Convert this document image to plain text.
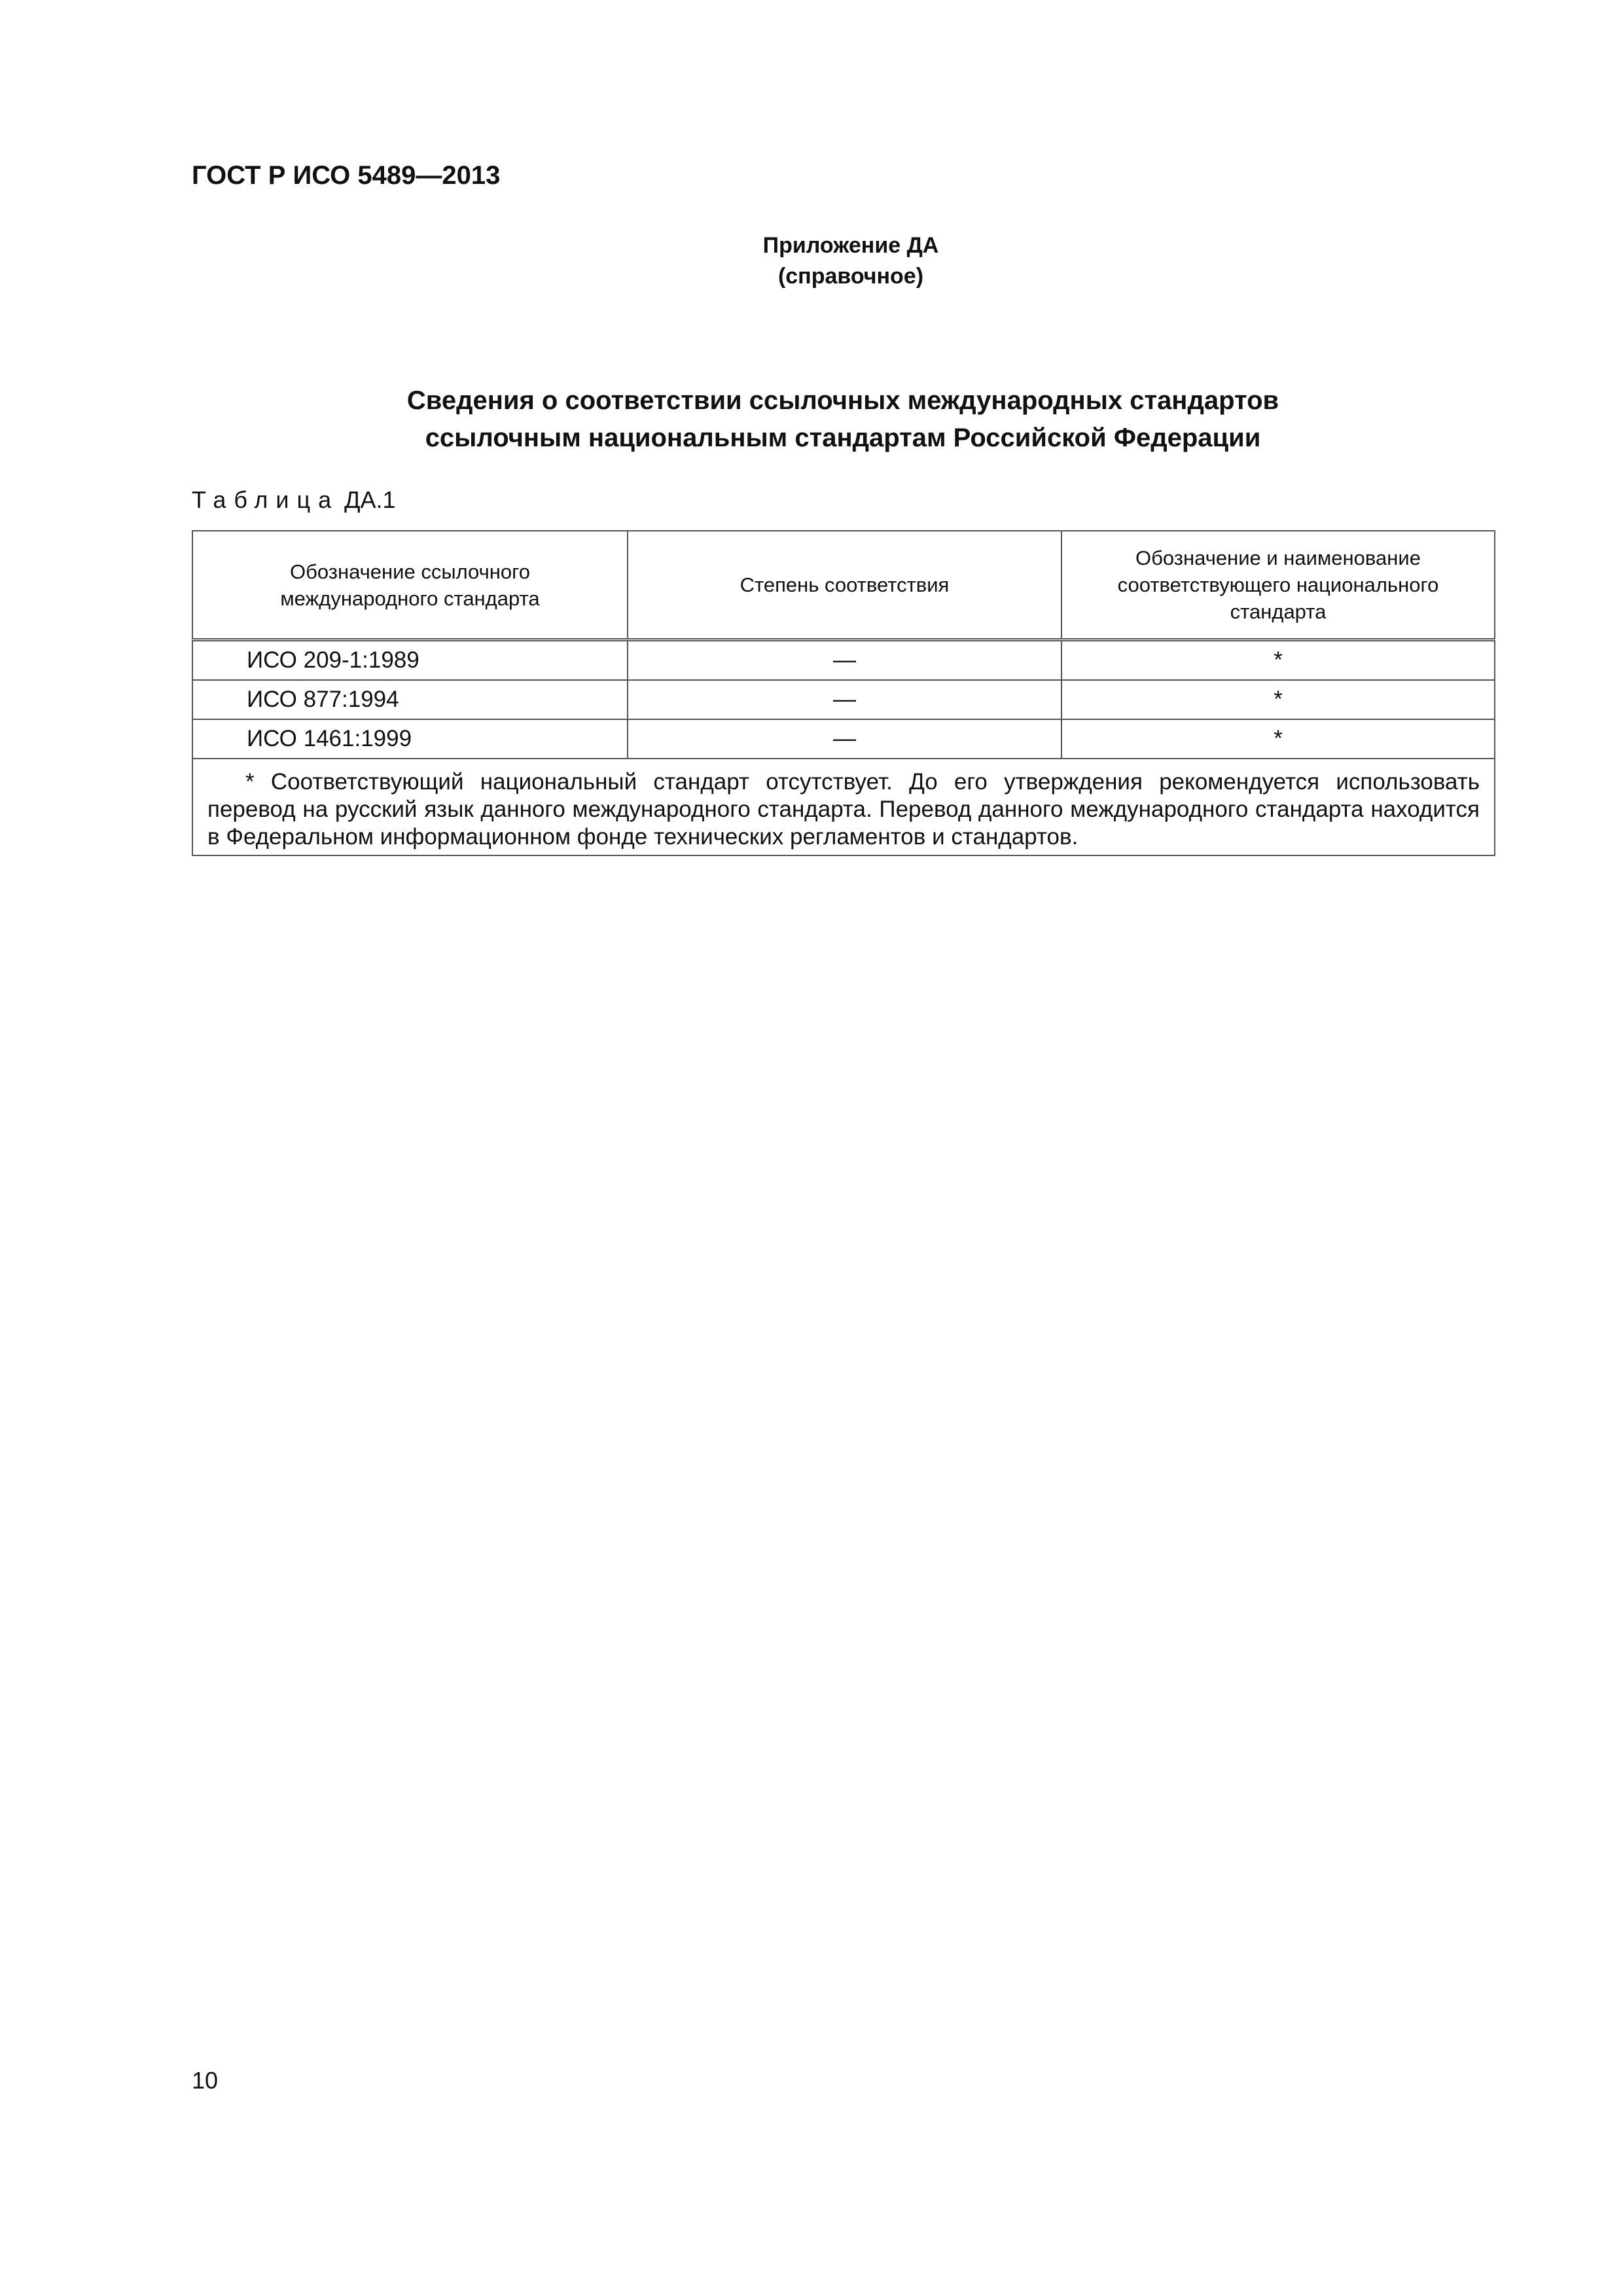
ГОСТ Р ИСО 5489—2013
Приложение ДА
(справочное)
Сведения о соответствии ссылочных международных стандартов
ссылочным национальным стандартам Российской Федерации
Таблица ДА.1
Обозначение ссылочного международного стандарта	Степень соответствия	Обозначение и наименование соответствующего национального стандарта

ИСО 209-1:1989	—	*
ИСО 877:1994	—	*
ИСО 1461:1999	—	*
* Соответствующий национальный стандарт отсутствует. До его утверждения рекомендуется использовать перевод на русский язык данного международного стандарта. Перевод данного международного стандарта находится в Федеральном информационном фонде технических регламентов и стандартов.		
10
